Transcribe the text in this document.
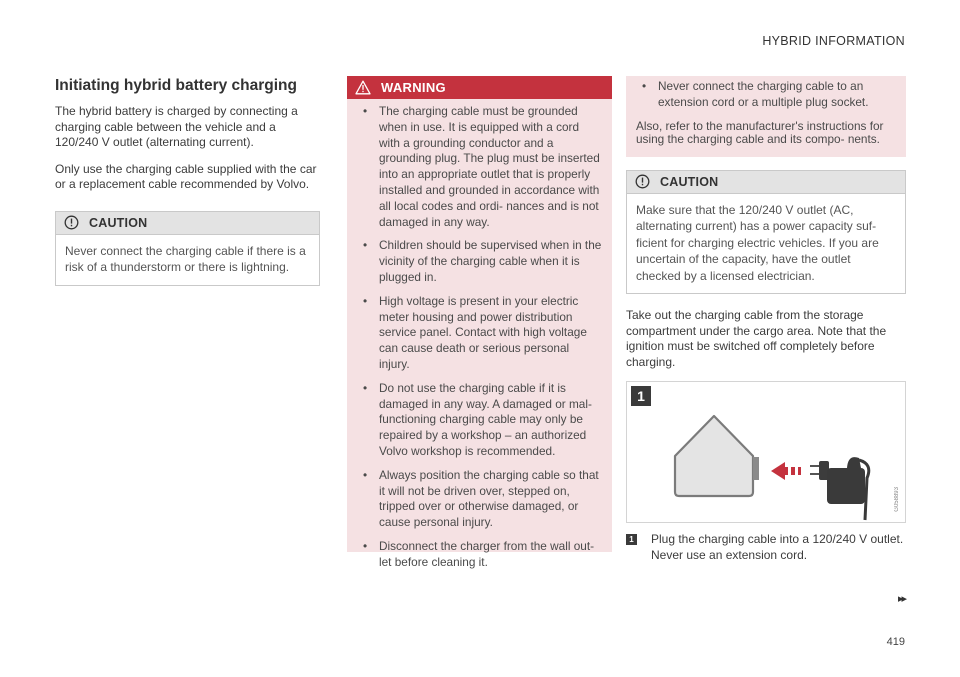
HYBRID INFORMATION
Initiating hybrid battery charging

The hybrid battery is charged by connecting a charging cable between the vehicle and a 120/240 V outlet (alternating current).

Only use the charging cable supplied with the car or a replacement cable recommended by Volvo.

CAUTION
Never connect the charging cable if there is a risk of a thunderstorm or there is lightning.
WARNING
• The charging cable must be grounded when in use. It is equipped with a cord with a grounding conductor and a grounding plug. The plug must be inserted into an appropriate outlet that is properly installed and grounded in accordance with all local codes and ordi- nances and is not damaged in any way.
• Children should be supervised when in the vicinity of the charging cable when it is plugged in.
• High voltage is present in your electric meter housing and power distribution service panel. Contact with high voltage can cause death or serious personal injury.
• Do not use the charging cable if it is damaged in any way. A damaged or mal- functioning charging cable may only be repaired by a workshop – an authorized Volvo workshop is recommended.
• Always position the charging cable so that it will not be driven over, stepped on, tripped over or otherwise damaged, or cause personal injury.
• Disconnect the charger from the wall out- let before cleaning it.
• Never connect the charging cable to an extension cord or a multiple plug socket.

Also, refer to the manufacturer's instructions for using the charging cable and its compo- nents.

CAUTION
Make sure that the 120/240 V outlet (AC, alternating current) has a power capacity suf- ficient for charging electric vehicles. If you are uncertain of the capacity, have the outlet checked by a licensed electrician.

Take out the charging cable from the storage compartment under the cargo area. Note that the ignition must be switched off completely before charging.

1
G058893
1 Plug the charging cable into a 120/240 V outlet. Never use an extension cord.
▸▸
419
